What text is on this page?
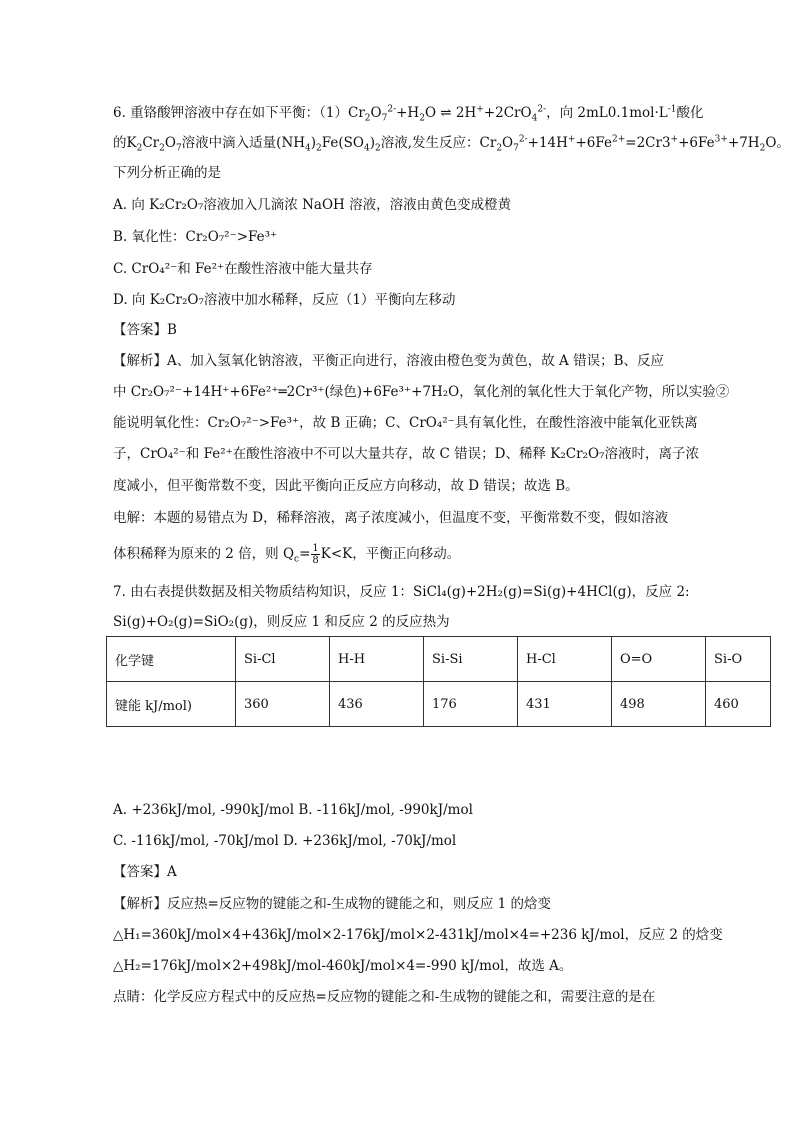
6. 重铬酸钾溶液中存在如下平衡：$(1)Cr_2O_7^{2-}+H_2O$ ⇌ 2H++2CrO$_4^{2-}$，向 $2mL0.1mol\cdot L^{-1}$酸化
的$K_2Cr_2O_7$溶液中滴入适量$(NH_4)_2Fe(SO_4)_2$溶液,发生反应：$Cr_2O_7^{2-}+14H^++6Fe^{2+}=2Cr3^++6Fe^{3+}+7H_2O$。
下列分析正确的是
A. 向 K₂Cr₂O₇溶液加入几滴浓 NaOH 溶液，溶液由黄色变成橙黄
B. 氧化性：Cr₂O₇²⁻>Fe³⁺
C. CrO₄²⁻和 Fe²⁺在酸性溶液中能大量共存
D. 向 K₂Cr₂O₇溶液中加水稀释，反应（1）平衡向左移动
【答案】B
【解析】A、加入氢氧化钠溶液，平衡正向进行，溶液由橙色变为黄色，故 A 错误；B、反应
中 Cr₂O₇²⁻+14H⁺+6Fe²⁺═2Cr³⁺(绿色)+6Fe³⁺+7H₂O，氧化剂的氧化性大于氧化产物，所以实验②
能说明氧化性：Cr₂O₇²⁻>Fe³⁺，故 B 正确；C、CrO₄²⁻具有氧化性，在酸性溶液中能氧化亚铁离
子，CrO₄²⁻和 Fe²⁺在酸性溶液中不可以大量共存，故 C 错误；D、稀释 K₂Cr₂O₇溶液时，离子浓
度减小，但平衡常数不变，因此平衡向正反应方向移动，故 D 错误；故选 B。
电解：本题的易错点为 D，稀释溶液，离子浓度减小，但温度不变，平衡常数不变，假如溶液
体积稀释为原来的 2 倍，则 $Q_c= \frac{1}{8} K<K$，平衡正向移动。
7. 由右表提供数据及相关物质结构知识，反应 1：SiCl₄(g)+2H₂(g)=Si(g)+4HCl(g)，反应 2:
Si(g)+O₂(g)=SiO₂(g)，则反应 1 和反应 2 的反应热为
化学键	Si-Cl	H-H	Si-Si	H-Cl	O=O	Si-O
键能 kJ/mol)	360	436	176	431	498	460
A. +236kJ/mol, -990kJ/mol B. -116kJ/mol, -990kJ/mol
C. -116kJ/mol, -70kJ/mol D. +236kJ/mol, -70kJ/mol
【答案】A
【解析】反应热=反应物的键能之和-生成物的键能之和，则反应 1 的焓变
△H₁=360kJ/mol×4+436kJ/mol×2-176kJ/mol×2-431kJ/mol×4=+236 kJ/mol，反应 2 的焓变
△H₂=176kJ/mol×2+498kJ/mol-460kJ/mol×4=-990 kJ/mol，故选 A。
点睛：化学反应方程式中的反应热=反应物的键能之和-生成物的键能之和，需要注意的是在
